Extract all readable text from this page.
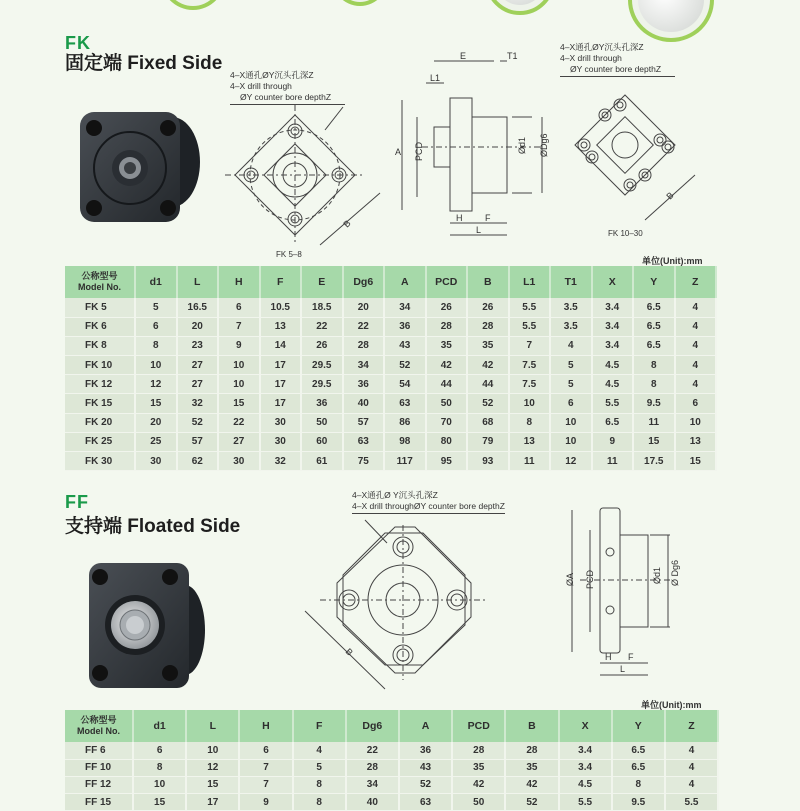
FK
固定端 Fixed Side
4–X通孔ØY沉头孔深Z
4–X drill through
ØY counter bore depthZ
B
FK 5–8
E	T1
L1
A PCD	Ød1 ØDg6
H	F
L
4–X通孔ØY沉头孔深Z
4–X drill through
ØY counter bore depthZ
B
FK 10–30
单位(Unit):mm
公称型号
Model No.	d1	L	H	F	E	Dg6	A	PCD	B	L1	T1	X	Y	Z
FK 5	5	16.5	6	10.5	18.5	20	34	26	26	5.5	3.5	3.4	6.5	4
FK 6	6	20	7	13	22	22	36	28	28	5.5	3.5	3.4	6.5	4
FK 8	8	23	9	14	26	28	43	35	35	7	4	3.4	6.5	4
FK 10	10	27	10	17	29.5	34	52	42	42	7.5	5	4.5	8	4
FK 12	12	27	10	17	29.5	36	54	44	44	7.5	5	4.5	8	4
FK 15	15	32	15	17	36	40	63	50	52	10	6	5.5	9.5	6
FK 20	20	52	22	30	50	57	86	70	68	8	10	6.5	11	10
FK 25	25	57	27	30	60	63	98	80	79	13	10	9	15	13
FK 30	30	62	30	32	61	75	117	95	93	11	12	11	17.5	15
FF
支持端 Floated Side
4–X通孔Ø Y沉头孔深Z
4–X drill throughØY counter bore depthZ
B
ØA PCD	Ød1 Ø Dg6
H F
L
单位(Unit):mm
公称型号
Model No.	d1	L	H	F	Dg6	A	PCD	B	X	Y	Z
FF 6	6	10	6	4	22	36	28	28	3.4	6.5	4
FF 10	8	12	7	5	28	43	35	35	3.4	6.5	4
FF 12	10	15	7	8	34	52	42	42	4.5	8	4
FF 15	15	17	9	8	40	63	50	52	5.5	9.5	5.5
